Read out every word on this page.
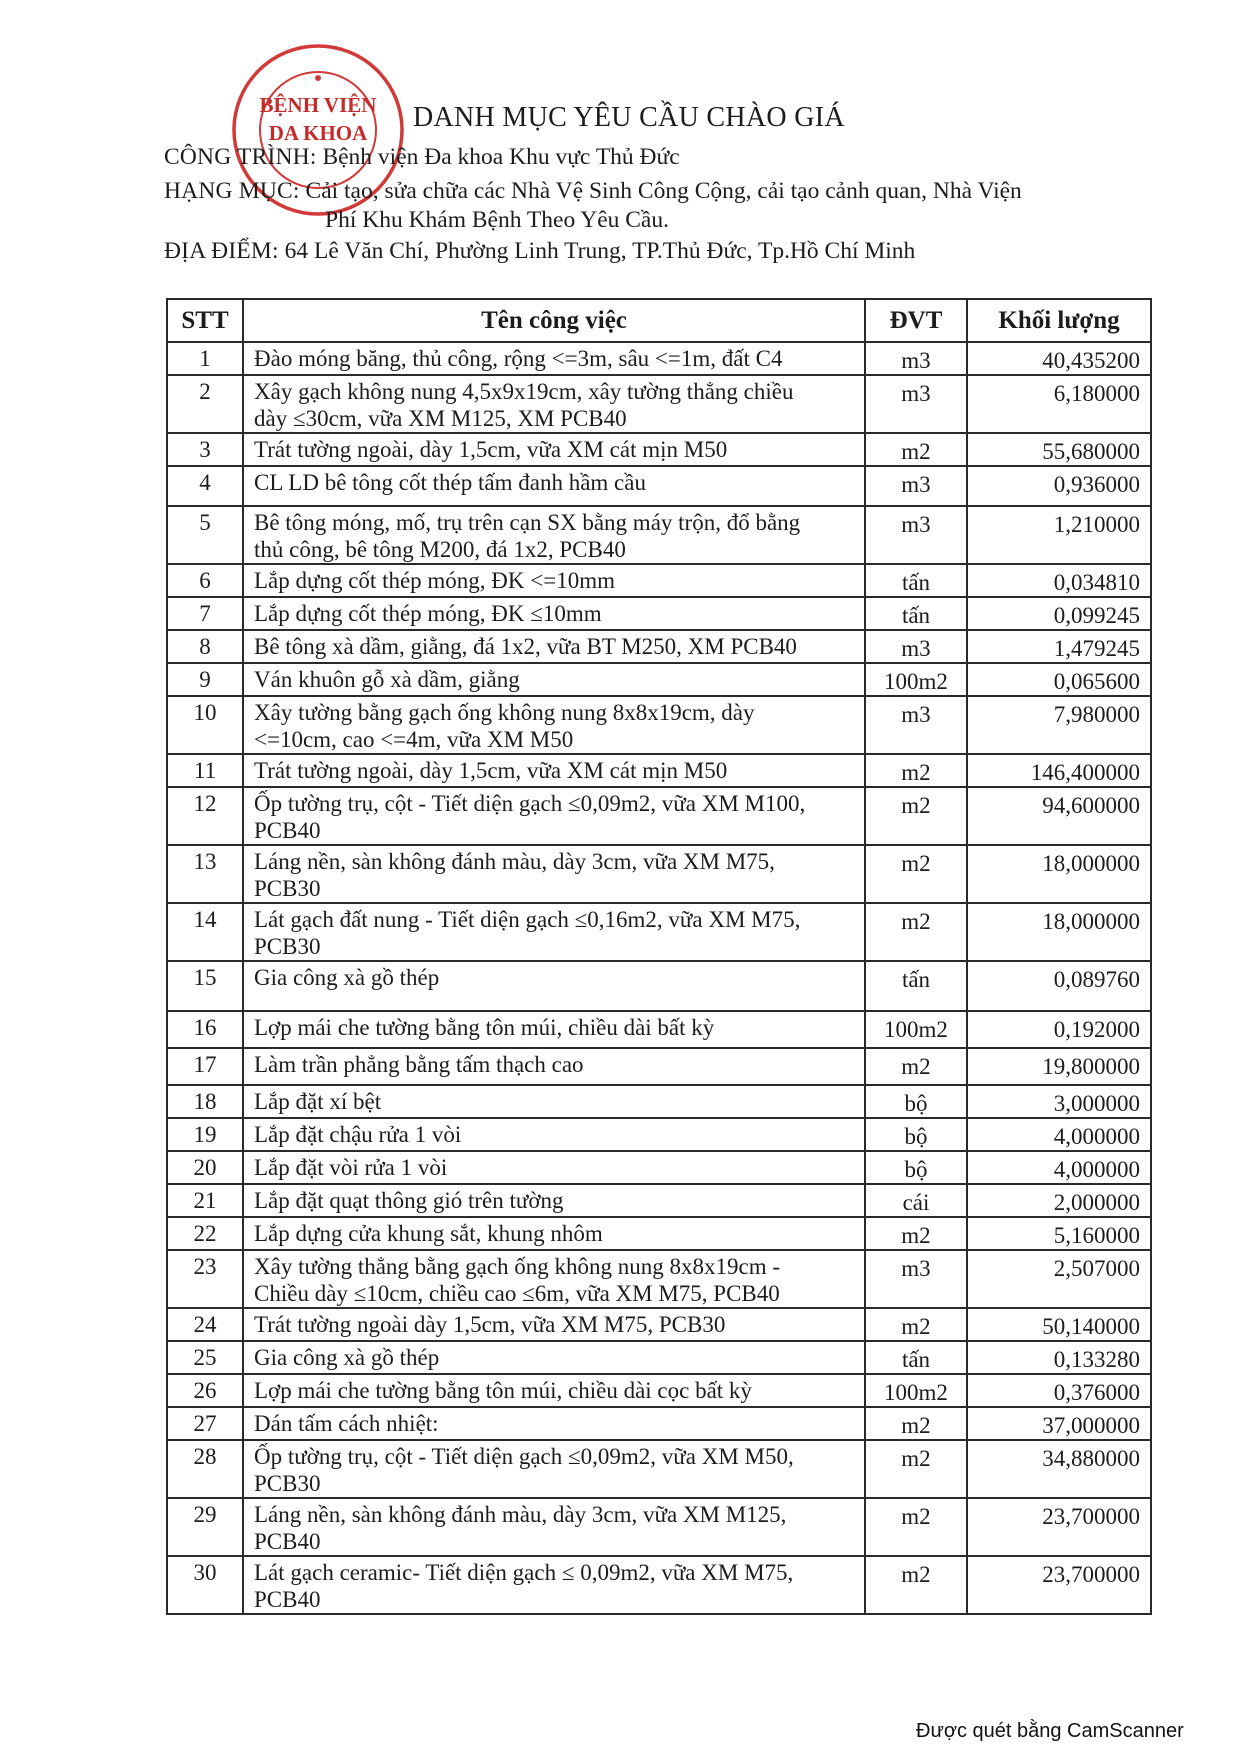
BỆNH VIỆN
DA KHOA DANH MỤC YÊU CẦU CHÀO GIÁ
CÔNG TRÌNH: Bệnh viện Đa khoa Khu vực Thủ Đức
HẠNG MỤC: Cải tạo, sửa chữa các Nhà Vệ Sinh Công Cộng, cải tạo cảnh quan, Nhà Viện
Phí Khu Khám Bệnh Theo Yêu Cầu.
ĐỊA ĐIỂM: 64 Lê Văn Chí, Phường Linh Trung, TP.Thủ Đức, Tp.Hồ Chí Minh
STT	Tên công việc	ĐVT	Khối lượng
1	Đào móng băng, thủ công, rộng <=3m, sâu <=1m, đất C4	m3	40,435200
2	Xây gạch không nung 4,5x9x19cm, xây tường thẳng chiều
dày ≤30cm, vữa XM M125, XM PCB40	m3	6,180000
3	Trát tường ngoài, dày 1,5cm, vữa XM cát mịn M50	m2	55,680000
4	CL LD bê tông cốt thép tấm đanh hầm cầu	m3	0,936000
5	Bê tông móng, mố, trụ trên cạn SX bằng máy trộn, đổ bằng
thủ công, bê tông M200, đá 1x2, PCB40	m3	1,210000
6	Lắp dựng cốt thép móng, ĐK <=10mm	tấn	0,034810
7	Lắp dựng cốt thép móng, ĐK ≤10mm	tấn	0,099245
8	Bê tông xà dầm, giằng, đá 1x2, vữa BT M250, XM PCB40	m3	1,479245
9	Ván khuôn gỗ xà dầm, giằng	100m2	0,065600
10	Xây tường bằng gạch ống không nung 8x8x19cm, dày
<=10cm, cao <=4m, vữa XM M50	m3	7,980000
11	Trát tường ngoài, dày 1,5cm, vữa XM cát mịn M50	m2	146,400000
12	Ốp tường trụ, cột - Tiết diện gạch ≤0,09m2, vữa XM M100,
PCB40	m2	94,600000
13	Láng nền, sàn không đánh màu, dày 3cm, vữa XM M75,
PCB30	m2	18,000000
14	Lát gạch đất nung - Tiết diện gạch ≤0,16m2, vữa XM M75,
PCB30	m2	18,000000
15	Gia công xà gồ thép	tấn	0,089760
16	Lợp mái che tường bằng tôn múi, chiều dài bất kỳ	100m2	0,192000
17	Làm trần phẳng bằng tấm thạch cao	m2	19,800000
18	Lắp đặt xí bệt	bộ	3,000000
19	Lắp đặt chậu rửa 1 vòi	bộ	4,000000
20	Lắp đặt vòi rửa 1 vòi	bộ	4,000000
21	Lắp đặt quạt thông gió trên tường	cái	2,000000
22	Lắp dựng cửa khung sắt, khung nhôm	m2	5,160000
23	Xây tường thẳng bằng gạch ống không nung 8x8x19cm -
Chiều dày ≤10cm, chiều cao ≤6m, vữa XM M75, PCB40	m3	2,507000
24	Trát tường ngoài dày 1,5cm, vữa XM M75, PCB30	m2	50,140000
25	Gia công xà gồ thép	tấn	0,133280
26	Lợp mái che tường bằng tôn múi, chiều dài cọc bất kỳ	100m2	0,376000
27	Dán tấm cách nhiệt:	m2	37,000000
28	Ốp tường trụ, cột - Tiết diện gạch ≤0,09m2, vữa XM M50,
PCB30	m2	34,880000
29	Láng nền, sàn không đánh màu, dày 3cm, vữa XM M125,
PCB40	m2	23,700000
30	Lát gạch ceramic- Tiết diện gạch ≤ 0,09m2, vữa XM M75,
PCB40	m2	23,700000
Được quét bằng CamScanner
